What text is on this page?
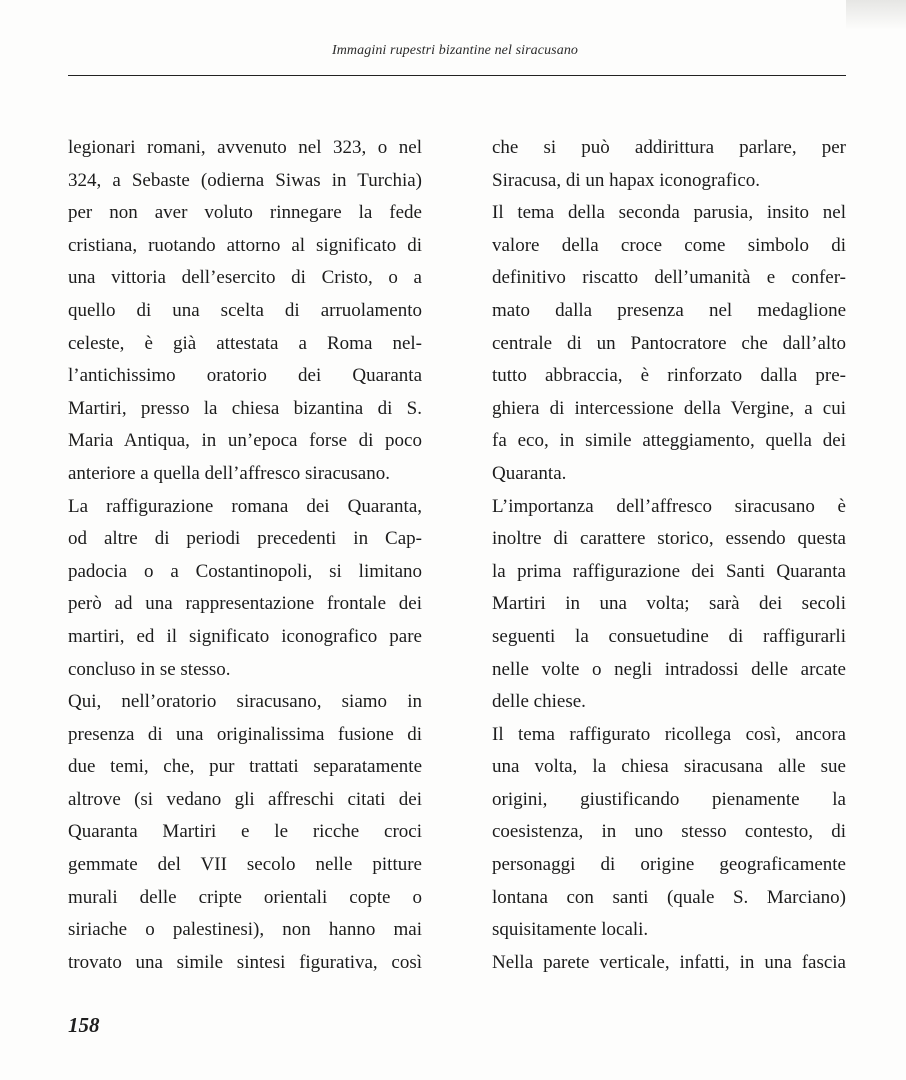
Immagini rupestri bizantine nel siracusano
legionari romani, avvenuto nel 323, o nel
324, a Sebaste (odierna Siwas in Turchia)
per non aver voluto rinnegare la fede
cristiana, ruotando attorno al significato di
una vittoria dell’esercito di Cristo, o a
quello di una scelta di arruolamento
celeste, è già attestata a Roma nel-
l’antichissimo oratorio dei Quaranta
Martiri, presso la chiesa bizantina di S.
Maria Antiqua, in un’epoca forse di poco
anteriore a quella dell’affresco siracusano.
La raffigurazione romana dei Quaranta,
od altre di periodi precedenti in Cap-
padocia o a Costantinopoli, si limitano
però ad una rappresentazione frontale dei
martiri, ed il significato iconografico pare
concluso in se stesso.
Qui, nell’oratorio siracusano, siamo in
presenza di una originalissima fusione di
due temi, che, pur trattati separatamente
altrove (si vedano gli affreschi citati dei
Quaranta Martiri e le ricche croci
gemmate del VII secolo nelle pitture
murali delle cripte orientali copte o
siriache o palestinesi), non hanno mai
trovato una simile sintesi figurativa, così
che si può addirittura parlare, per
Siracusa, di un hapax iconografico.
Il tema della seconda parusia, insito nel
valore della croce come simbolo di
definitivo riscatto dell’umanità e confer-
mato dalla presenza nel medaglione
centrale di un Pantocratore che dall’alto
tutto abbraccia, è rinforzato dalla pre-
ghiera di intercessione della Vergine, a cui
fa eco, in simile atteggiamento, quella dei
Quaranta.
L’importanza dell’affresco siracusano è
inoltre di carattere storico, essendo questa
la prima raffigurazione dei Santi Quaranta
Martiri in una volta; sarà dei secoli
seguenti la consuetudine di raffigurarli
nelle volte o negli intradossi delle arcate
delle chiese.
Il tema raffigurato ricollega così, ancora
una volta, la chiesa siracusana alle sue
origini, giustificando pienamente la
coesistenza, in uno stesso contesto, di
personaggi di origine geograficamente
lontana con santi (quale S. Marciano)
squisitamente locali.
Nella parete verticale, infatti, in una fascia
158
